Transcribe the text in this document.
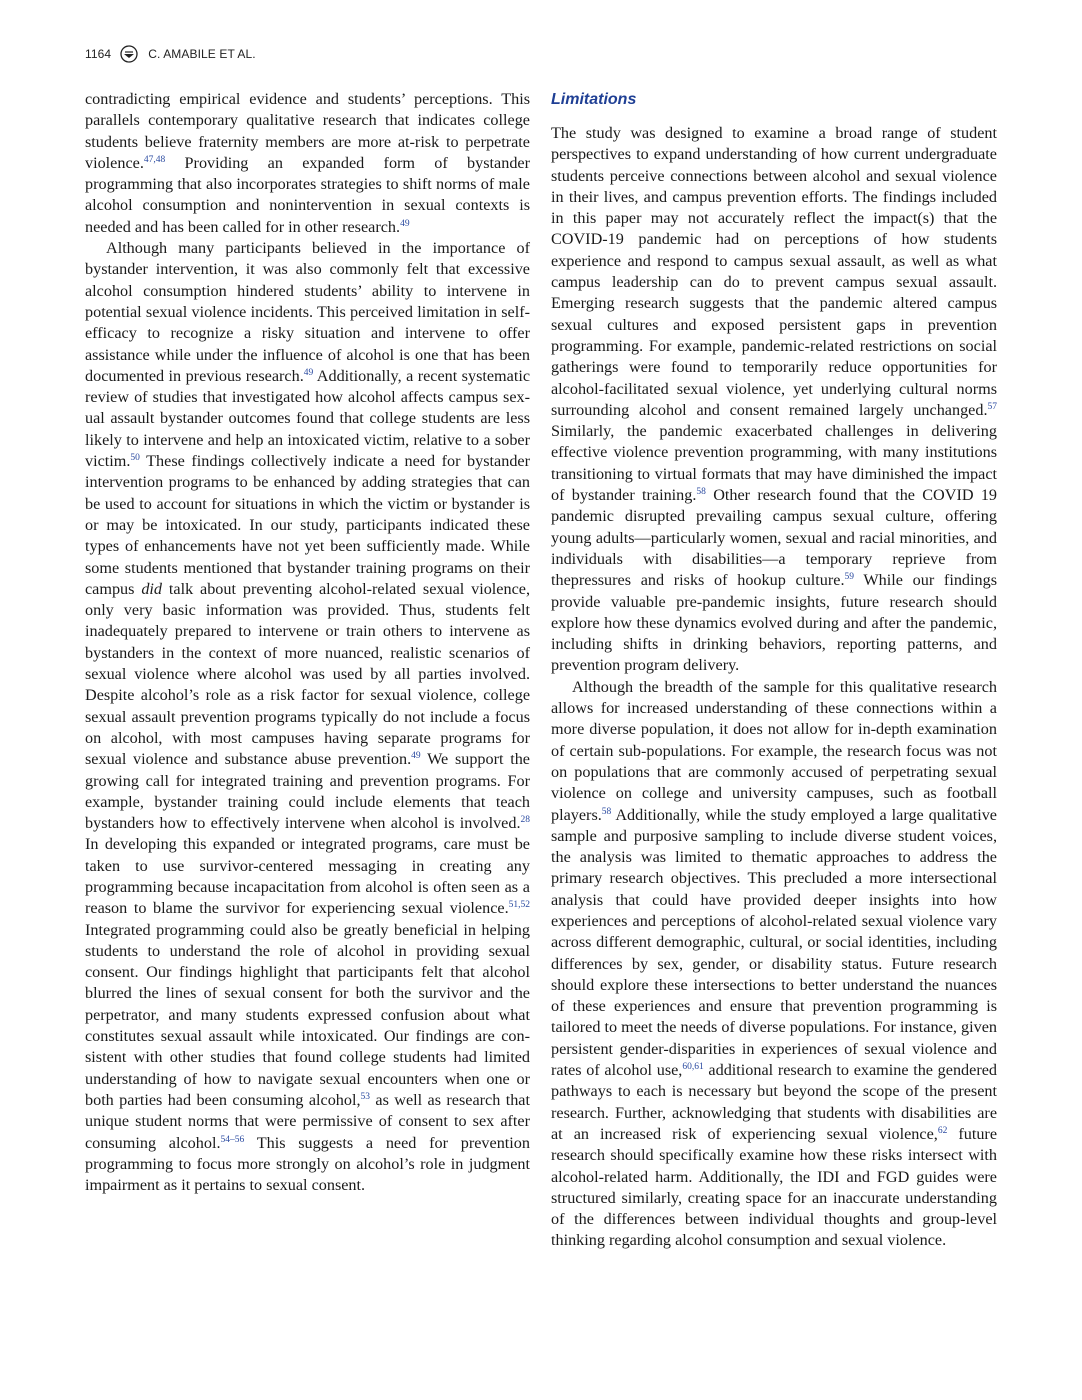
1164	C. AMABILE ET AL.

contradicting empirical evidence and students’ perceptions. This parallels contemporary qualitative research that indicates college students believe fraternity members are more at-risk to perpetrate violence.$^{47,48}$ Providing an expanded form of bystander programming that also incorporates strategies to shift norms of male alcohol consumption and nonintervention in sexual contexts is needed and has been called for in other research.$^{49}$

Although many participants believed in the importance of bystander intervention, it was also commonly felt that excessive alcohol consumption hindered students’ ability to intervene in potential sexual violence incidents. This perceived limitation in self-efficacy to recognize a risky situation and intervene to offer assistance while under the influence of alcohol is one that has been documented in previous research.$^{49}$ Additionally, a recent systematic review of studies that investigated how alcohol affects campus sexual assault bystander outcomes found that college students are less likely to intervene and help an intoxicated victim, relative to a sober victim.$^{50}$ These findings collectively indicate a need for bystander intervention programs to be enhanced by adding strategies that can be used to account for situations in which the victim or bystander is or may be intoxicated. In our study, participants indicated these types of enhancements have not yet been sufficiently made. While some students mentioned that bystander training programs on their campus did talk about preventing alcohol-related sexual violence, only very basic information was provided. Thus, students felt inadequately prepared to intervene or train others to intervene as bystanders in the context of more nuanced, realistic scenarios of sexual violence where alcohol was used by all parties involved. Despite alcohol’s role as a risk factor for sexual violence, college sexual assault prevention programs typically do not include a focus on alcohol, with most campuses having separate programs for sexual violence and substance abuse prevention.$^{49}$ We support the growing call for integrated training and prevention programs. For example, bystander training could include elements that teach bystanders how to effectively intervene when alcohol is involved.$^{28}$ In developing this expanded or integrated programs, care must be taken to use survivor-centered messaging in creating any programming because incapacitation from alcohol is often seen as a reason to blame the survivor for experiencing sexual violence.$^{51,52}$ Integrated programming could also be greatly beneficial in helping students to understand the role of alcohol in providing sexual consent. Our findings highlight that participants felt that alcohol blurred the lines of sexual consent for both the survivor and the perpetrator, and many students expressed confusion about what constitutes sexual assault while intoxicated. Our findings are consistent with other studies that found college students had limited understanding of how to navigate sexual encounters when one or both parties had been consuming alcohol,$^{53}$ as well as research that unique student norms that were permissive of consent to sex after consuming alcohol.$^{54-56}$ This suggests a need for prevention programming to focus more strongly on alcohol’s role in judgment impairment as it pertains to sexual consent.

Limitations

The study was designed to examine a broad range of student perspectives to expand understanding of how current undergraduate students perceive connections between alcohol and sexual violence in their lives, and campus prevention efforts. The findings included in this paper may not accurately reflect the impact(s) that the COVID-19 pandemic had on perceptions of how students experience and respond to campus sexual assault, as well as what campus leadership can do to prevent campus sexual assault. Emerging research suggests that the pandemic altered campus sexual cultures and exposed persistent gaps in prevention programming. For example, pandemic-related restrictions on social gatherings were found to temporarily reduce opportunities for alcohol-facilitated sexual violence, yet underlying cultural norms surrounding alcohol and consent remained largely unchanged.$^{57}$ Similarly, the pandemic exacerbated challenges in delivering effective violence prevention programming, with many institutions transitioning to virtual formats that may have diminished the impact of bystander training.$^{58}$ Other research found that the COVID 19 pandemic disrupted prevailing campus sexual culture, offering young adults—particularly women, sexual and racial minorities, and individuals with disabilities—a temporary reprieve from thepressures and risks of hookup culture.$^{59}$ While our findings provide valuable pre-pandemic insights, future research should explore how these dynamics evolved during and after the pandemic, including shifts in drinking behaviors, reporting patterns, and prevention program delivery.

Although the breadth of the sample for this qualitative research allows for increased understanding of these connections within a more diverse population, it does not allow for in-depth examination of certain sub-populations. For example, the research focus was not on populations that are commonly accused of perpetrating sexual violence on college and university campuses, such as football players.$^{58}$ Additionally, while the study employed a large qualitative sample and purposive sampling to include diverse student voices, the analysis was limited to thematic approaches to address the primary research objectives. This precluded a more intersectional analysis that could have provided deeper insights into how experiences and perceptions of alcohol-related sexual violence vary across different demographic, cultural, or social identities, including differences by sex, gender, or disability status. Future research should explore these intersections to better understand the nuances of these experiences and ensure that prevention programming is tailored to meet the needs of diverse populations. For instance, given persistent gender-disparities in experiences of sexual violence and rates of alcohol use,$^{60,61}$ additional research to examine the gendered pathways to each is necessary but beyond the scope of the present research. Further, acknowledging that students with disabilities are at an increased risk of experiencing sexual violence,$^{62}$ future research should specifically examine how these risks intersect with alcohol-related harm. Additionally, the IDI and FGD guides were structured similarly, creating space for an inaccurate understanding of the differences between individual thoughts and group-level thinking regarding alcohol consumption and sexual violence.
